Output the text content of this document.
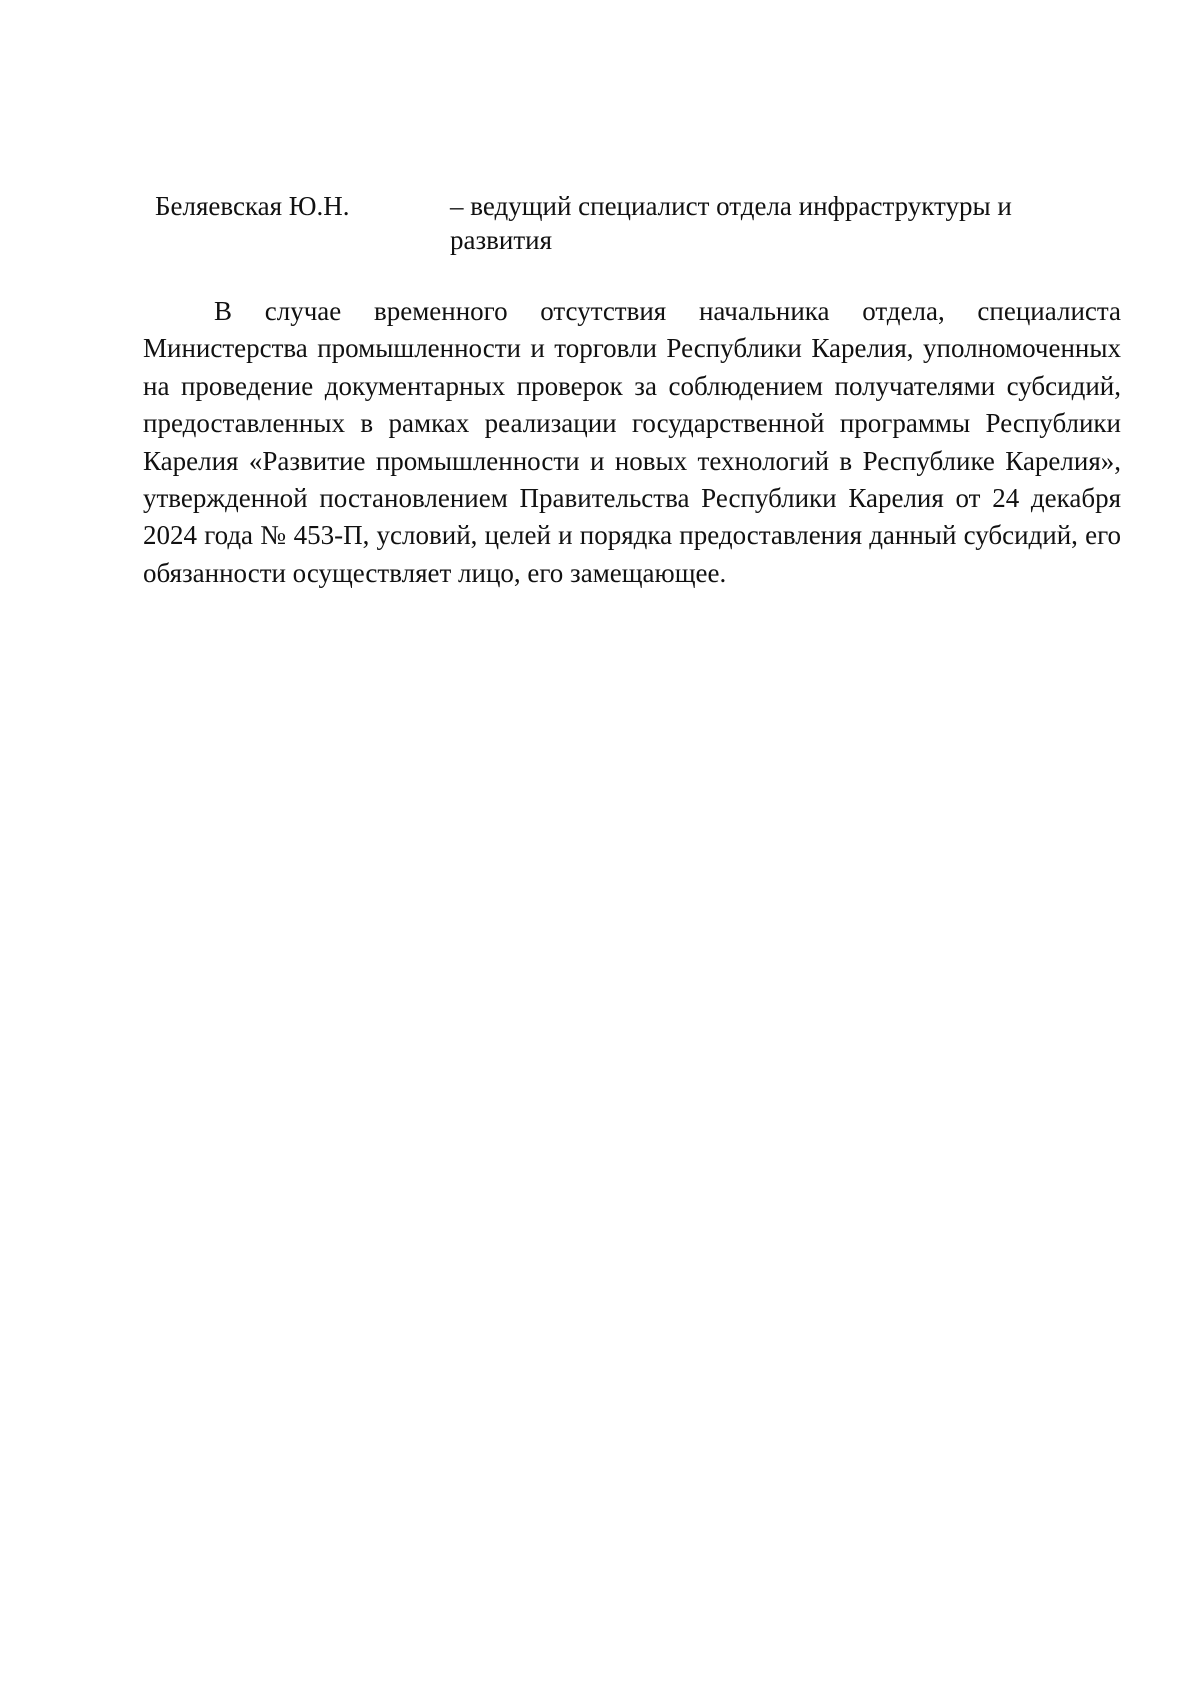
Беляевская Ю.Н.	– ведущий специалист отдела инфраструктуры и развития

В случае временного отсутствия начальника отдела, специалиста Министерства промышленности и торговли Республики Карелия, уполномоченных на проведение документарных проверок за соблюдением получателями субсидий, предоставленных в рамках реализации государственной программы Республики Карелия «Развитие промышленности и новых технологий в Республике Карелия», утвержденной постановлением Правительства Республики Карелия от 24 декабря 2024 года № 453-П, условий, целей и порядка предоставления данный субсидий, его обязанности осуществляет лицо, его замещающее.
